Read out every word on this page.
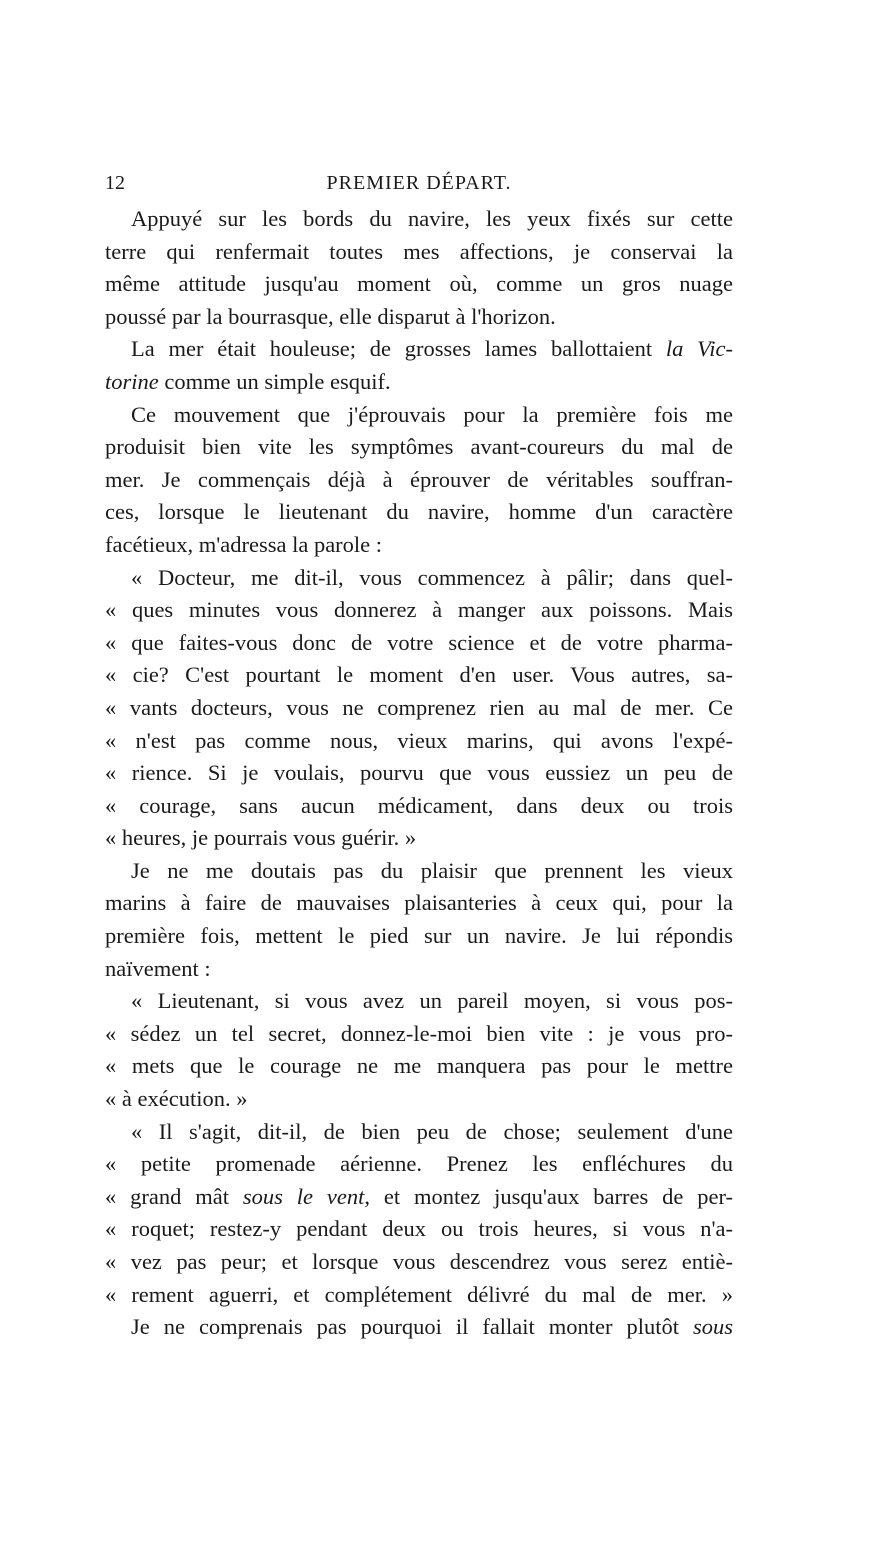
12	PREMIER DÉPART.
Appuyé sur les bords du navire, les yeux fixés sur cette
terre qui renfermait toutes mes affections, je conservai la
même attitude jusqu'au moment où, comme un gros nuage
poussé par la bourrasque, elle disparut à l'horizon.
La mer était houleuse; de grosses lames ballottaient la Vic-
torine comme un simple esquif.
Ce mouvement que j'éprouvais pour la première fois me
produisit bien vite les symptômes avant-coureurs du mal de
mer. Je commençais déjà à éprouver de véritables souffran-
ces, lorsque le lieutenant du navire, homme d'un caractère
facétieux, m'adressa la parole :
« Docteur, me dit-il, vous commencez à pâlir; dans quel-
« ques minutes vous donnerez à manger aux poissons. Mais
« que faites-vous donc de votre science et de votre pharma-
« cie? C'est pourtant le moment d'en user. Vous autres, sa-
« vants docteurs, vous ne comprenez rien au mal de mer. Ce
« n'est pas comme nous, vieux marins, qui avons l'expé-
« rience. Si je voulais, pourvu que vous eussiez un peu de
« courage, sans aucun médicament, dans deux ou trois
« heures, je pourrais vous guérir. »
Je ne me doutais pas du plaisir que prennent les vieux
marins à faire de mauvaises plaisanteries à ceux qui, pour la
première fois, mettent le pied sur un navire. Je lui répondis
naïvement :
« Lieutenant, si vous avez un pareil moyen, si vous pos-
« sédez un tel secret, donnez-le-moi bien vite : je vous pro-
« mets que le courage ne me manquera pas pour le mettre
« à exécution. »
« Il s'agit, dit-il, de bien peu de chose; seulement d'une
« petite promenade aérienne. Prenez les enfléchures du
« grand mât sous le vent, et montez jusqu'aux barres de per-
« roquet; restez-y pendant deux ou trois heures, si vous n'a-
« vez pas peur; et lorsque vous descendrez vous serez entiè-
« rement aguerri, et complétement délivré du mal de mer. »
Je ne comprenais pas pourquoi il fallait monter plutôt sous
